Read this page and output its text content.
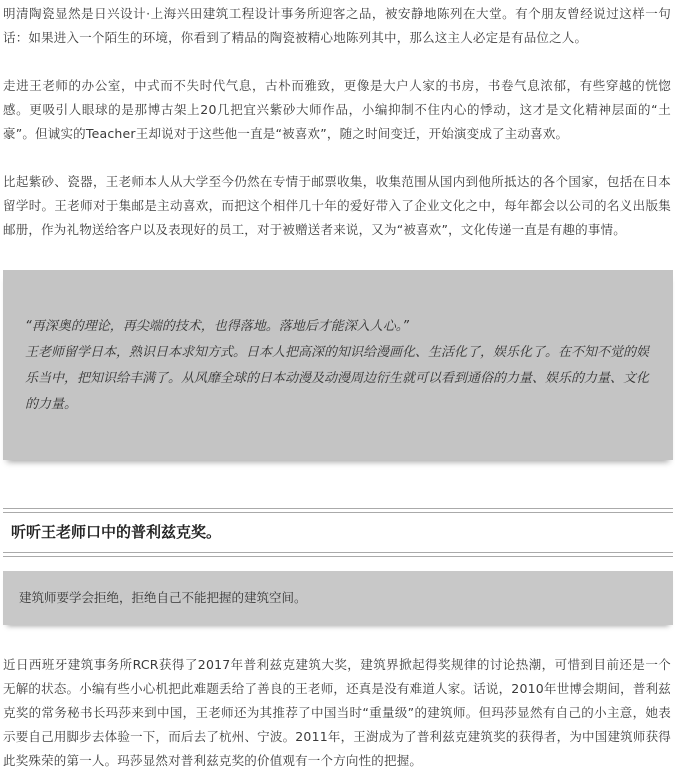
明清陶瓷显然是日兴设计·上海兴田建筑工程设计事务所迎客之品，被安静地陈列在大堂。有个朋友曾经说过这样一句话：如果进入一个陌生的环境，你看到了精品的陶瓷被精心地陈列其中，那么这主人必定是有品位之人。

走进王老师的办公室，中式而不失时代气息，古朴而雅致，更像是大户人家的书房，书卷气息浓郁，有些穿越的恍惚感。更吸引人眼球的是那博古架上20几把宜兴紫砂大师作品，小编抑制不住内心的悸动，这才是文化精神层面的“土豪”。但诚实的Teacher王却说对于这些他一直是“被喜欢”，随之时间变迁，开始演变成了主动喜欢。

比起紫砂、瓷器，王老师本人从大学至今仍然在专情于邮票收集，收集范围从国内到他所抵达的各个国家，包括在日本留学时。王老师对于集邮是主动喜欢，而把这个相伴几十年的爱好带入了企业文化之中，每年都会以公司的名义出版集邮册，作为礼物送给客户以及表现好的员工，对于被赠送者来说，又为“被喜欢”，文化传递一直是有趣的事情。

“再深奥的理论，再尖端的技术，也得落地。落地后才能深入人心。”
王老师留学日本，熟识日本求知方式。日本人把高深的知识给漫画化、生活化了，娱乐化了。在不知不觉的娱乐当中，把知识给丰满了。从风靡全球的日本动漫及动漫周边衍生就可以看到通俗的力量、娱乐的力量、文化的力量。

听听王老师口中的普利兹克奖。

建筑师要学会拒绝，拒绝自己不能把握的建筑空间。

近日西班牙建筑事务所RCR获得了2017年普利兹克建筑大奖，建筑界掀起得奖规律的讨论热潮，可惜到目前还是一个无解的状态。小编有些小心机把此难题丢给了善良的王老师，还真是没有难道人家。话说，2010年世博会期间，普利兹克奖的常务秘书长玛莎来到中国，王老师还为其推荐了中国当时“重量级”的建筑师。但玛莎显然有自己的小主意，她表示要自己用脚步去体验一下，而后去了杭州、宁波。2011年，王澍成为了普利兹克建筑奖的获得者，为中国建筑师获得此奖殊荣的第一人。玛莎显然对普利兹克奖的价值观有一个方向性的把握。
